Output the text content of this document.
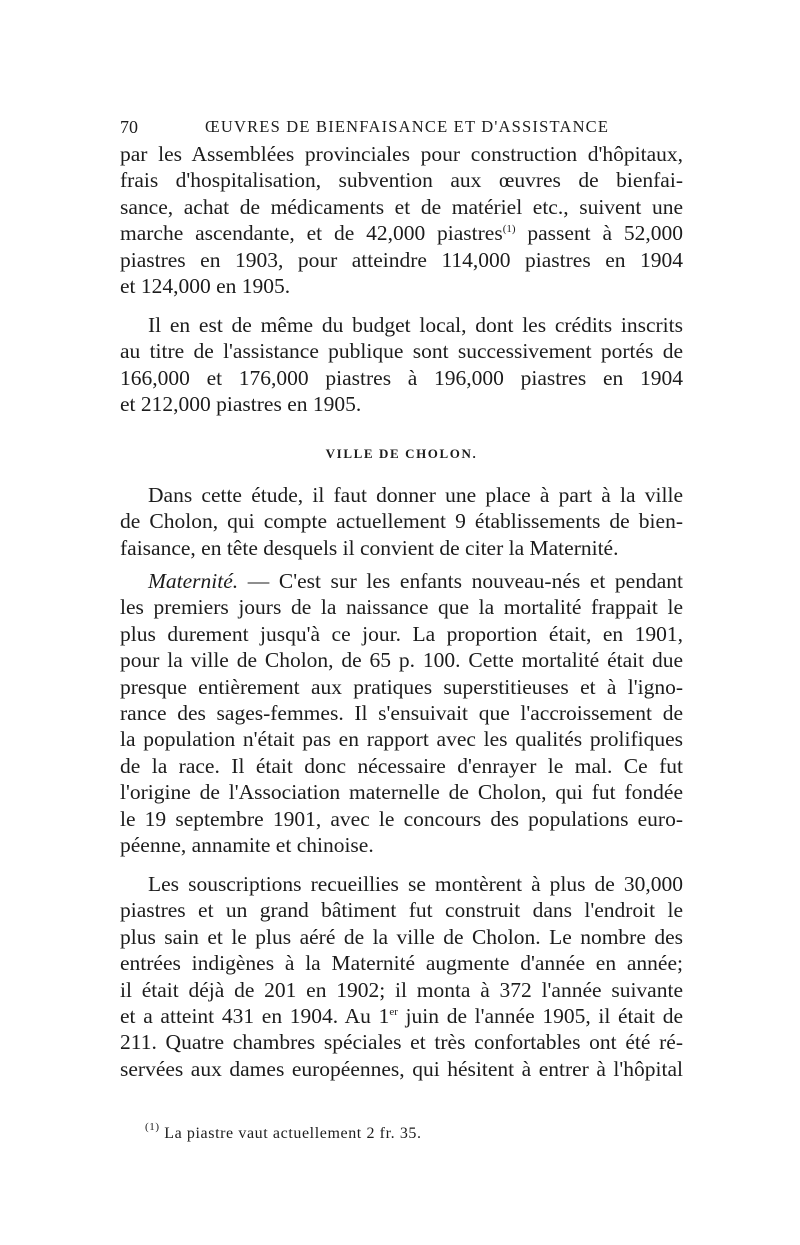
70	ŒUVRES DE BIENFAISANCE ET D'ASSISTANCE
par les Assemblées provinciales pour construction d'hôpitaux,
frais d'hospitalisation, subvention aux œuvres de bienfai-
sance, achat de médicaments et de matériel etc., suivent une
marche ascendante, et de 42,000 piastres$^{(1)}$ passent à 52,000
piastres en 1903, pour atteindre 114,000 piastres en 1904
et 124,000 en 1905.
Il en est de même du budget local, dont les crédits inscrits
au titre de l'assistance publique sont successivement portés de
166,000 et 176,000 piastres à 196,000 piastres en 1904
et 212,000 piastres en 1905.
VILLE DE CHOLON.
Dans cette étude, il faut donner une place à part à la ville
de Cholon, qui compte actuellement 9 établissements de bien-
faisance, en tête desquels il convient de citer la Maternité.
Maternité. — C'est sur les enfants nouveau-nés et pendant
les premiers jours de la naissance que la mortalité frappait le
plus durement jusqu'à ce jour. La proportion était, en 1901,
pour la ville de Cholon, de 65 p. 100. Cette mortalité était due
presque entièrement aux pratiques superstitieuses et à l'igno-
rance des sages-femmes. Il s'ensuivait que l'accroissement de
la population n'était pas en rapport avec les qualités prolifiques
de la race. Il était donc nécessaire d'enrayer le mal. Ce fut
l'origine de l'Association maternelle de Cholon, qui fut fondée
le 19 septembre 1901, avec le concours des populations euro-
péenne, annamite et chinoise.
Les souscriptions recueillies se montèrent à plus de 30,000
piastres et un grand bâtiment fut construit dans l'endroit le
plus sain et le plus aéré de la ville de Cholon. Le nombre des
entrées indigènes à la Maternité augmente d'année en année;
il était déjà de 201 en 1902; il monta à 372 l'année suivante
et a atteint 431 en 1904. Au 1er juin de l'année 1905, il était de
211. Quatre chambres spéciales et très confortables ont été ré-
servées aux dames européennes, qui hésitent à entrer à l'hôpital
$^{(1)}$ La piastre vaut actuellement 2 fr. 35.
